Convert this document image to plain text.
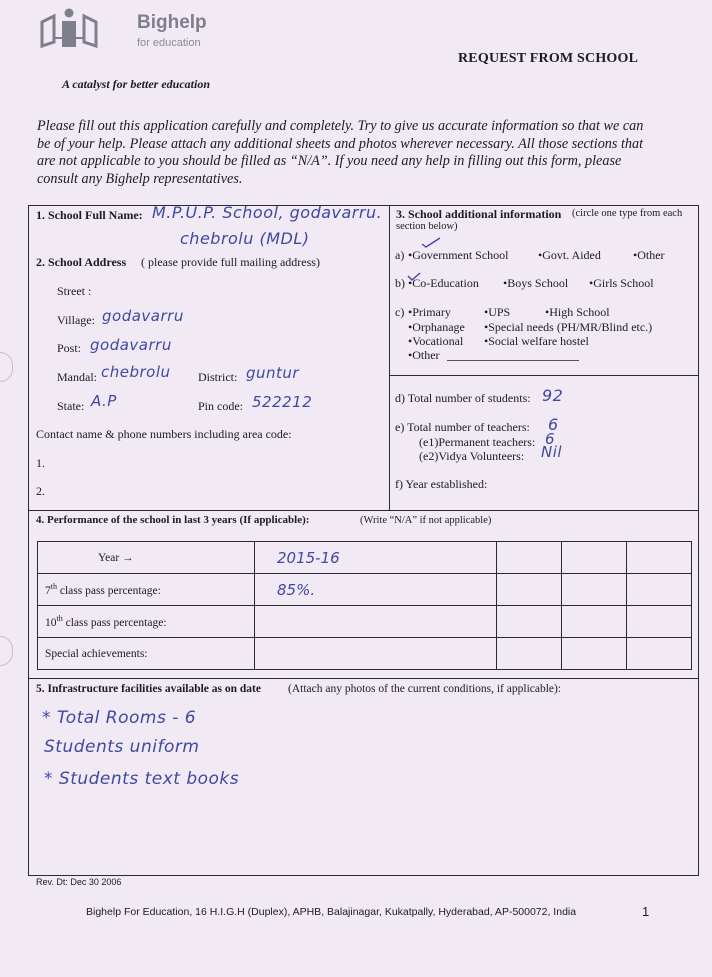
Bighelp
for education
REQUEST FROM SCHOOL
A catalyst for better education
Please fill out this application carefully and completely. Try to give us accurate information so that we can be of your help. Please attach any additional sheets and photos wherever necessary. All those sections that are not applicable to you should be filled as “N/A”. If you need any help in filling out this form, please consult any Bighelp representatives.
1. School Full Name: M.P.U.P. School, godavarru.
chebrolu (MDL)
2. School Address ( please provide full mailing address)
Street :
Village: godavarru
Post: godavarru
Mandal: chebrolu District: guntur
State: A.P	Pin code: 522212
Contact name & phone numbers including area code:
1.
2.
3. School additional information (circle one type from each
section below)
a) •Government School •Govt. Aided	•Other
b) •Co-Education •Boys School •Girls School
c) •Primary	•UPS	•High School
•Orphanage •Special needs (PH/MR/Blind etc.)
•Vocational •Social welfare hostel
•Other
d) Total number of students: 92
e) Total number of teachers: 6
(e1)Permanent teachers: 6
(e2)Vidya Volunteers: Nil
f) Year established:
4. Performance of the school in last 3 years (If applicable):	(Write “N/A” if not applicable)
Year →	2015-16			
7th class pass percentage:	85%.			
10th class pass percentage:				
Special achievements:				
5. Infrastructure facilities available as on date (Attach any photos of the current conditions, if applicable):
* Total Rooms - 6
Students uniform
* Students text books
Rev. Dt: Dec 30 2006
Bighelp For Education, 16 H.I.G.H (Duplex), APHB, Balajinagar, Kukatpally, Hyderabad, AP-500072, India	1
